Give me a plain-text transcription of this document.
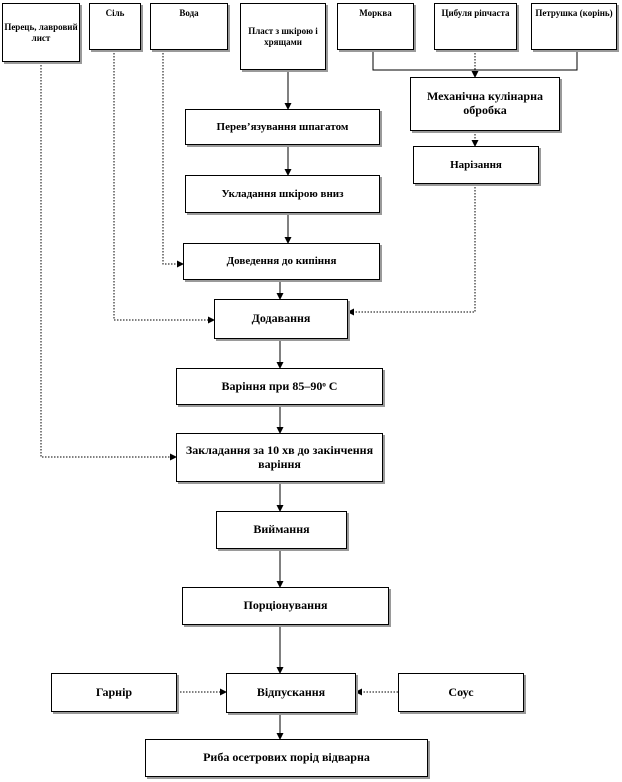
Перець, лавровий лист
Сіль	Вода
Пласт з шкірою і хрящами
Морква	Цибуля ріпчаста	Петрушка (корінь)
Перев’язування шпагатом
Укладання шкірою вниз
Доведення до кипіння
Механічна кулінарна обробка
Нарізання
Додавання
Варіння при 85–90ᵒ С
Закладання за 10 хв до закінчення варіння
Виймання
Порціонування
Гарнір	Відпускання	Соус
Риба осетрових порід відварна
